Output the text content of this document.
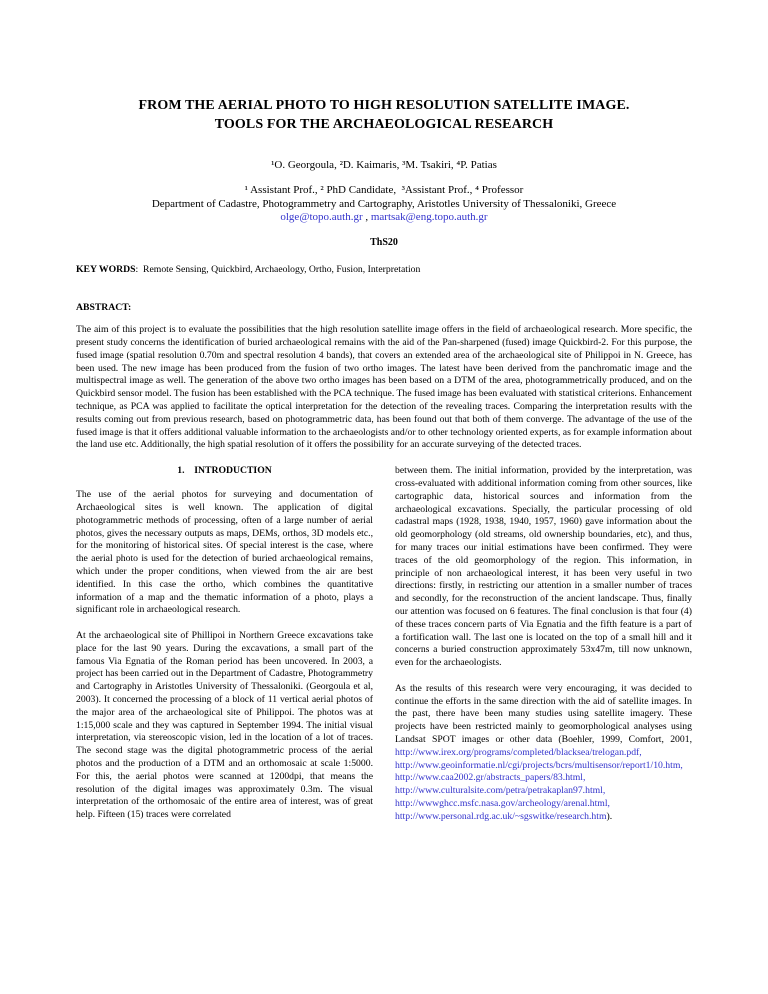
FROM THE AERIAL PHOTO TO HIGH RESOLUTION SATELLITE IMAGE.
TOOLS FOR THE ARCHAEOLOGICAL RESEARCH
¹O. Georgoula, ²D. Kaimaris, ³M. Tsakiri, ⁴P. Patias
¹ Assistant Prof., ² PhD Candidate,  ³Assistant Prof., ⁴ Professor
Department of Cadastre, Photogrammetry and Cartography, Aristotles University of Thessaloniki, Greece
olge@topo.auth.gr , martsak@eng.topo.auth.gr
ThS20
KEY WORDS:  Remote Sensing, Quickbird, Archaeology, Ortho, Fusion, Interpretation
ABSTRACT:

The aim of this project is to evaluate the possibilities that the high resolution satellite image offers in the field of archaeological research. More specific, the present study concerns the identification of buried archaeological remains with the aid of the Pan-sharpened (fused) image Quickbird-2. For this purpose, the fused image (spatial resolution 0.70m and spectral resolution 4 bands), that covers an extended area of the archaeological site of Philippoi in N. Greece, has been used. The new image has been produced from the fusion of two ortho images. The latest have been derived from the panchromatic image and the multispectral image as well. The generation of the above two ortho images has been based on a DTM of the area, photogrammetrically produced, and on the Quickbird sensor model. The fusion has been established with the PCA technique. The fused image has been evaluated with statistical criterions. Enhancement technique, as PCA was applied to facilitate the optical interpretation for the detection of the revealing traces. Comparing the interpretation results with the results coming out from previous research, based on photogrammetric data, has been found out that both of them converge. The advantage of the use of the fused image is that it offers additional valuable information to the archaeologists and/or to other technology oriented experts, as for example information about the land use etc. Additionally, the high spatial resolution of it offers the possibility for an accurate surveying of the detected traces.

1.    INTRODUCTION

The use of the aerial photos for surveying and documentation of Archaeological sites is well known. The application of digital photogrammetric methods of processing, often of a large number of aerial photos, gives the necessary outputs as maps, DEMs, orthos, 3D models etc., for the monitoring of historical sites. Of special interest is the case, where the aerial photo is used for the detection of buried archaeological remains, which under the proper conditions, when viewed from the air are best identified. In this case the ortho, which combines the quantitative information of a map and the thematic information of a photo, plays a significant role in archaeological research.

At the archaeological site of Phillipoi in Northern Greece excavations take place for the last 90 years. During the excavations, a small part of the famous Via Egnatia of the Roman period has been uncovered. In 2003, a project has been carried out in the Department of Cadastre, Photogrammetry and Cartography in Aristotles University of Thessaloniki. (Georgoula et al, 2003). It concerned the processing of a block of 11 vertical aerial photos of the major area of the archaeological site of Philippoi. The photos was at 1:15,000 scale and they was captured in September 1994. The initial visual interpretation, via stereoscopic vision, led in the location of a lot of traces. The second stage was the digital photogrammetric process of the aerial photos and the production of a DTM and an orthomosaic at scale 1:5000. For this, the aerial photos were scanned at 1200dpi, that means the resolution of the digital images was approximately 0.3m. The visual interpretation of the orthomosaic of the entire area of interest, was of great help. Fifteen (15) traces were correlated

between them. The initial information, provided by the interpretation, was cross-evaluated with additional information coming from other sources, like cartographic data, historical sources and information from the archaeological excavations. Specially, the particular processing of old cadastral maps (1928, 1938, 1940, 1957, 1960) gave information about the old geomorphology (old streams, old ownership boundaries, etc), and thus, for many traces our initial estimations have been confirmed. They were traces of the old geomorphology of the region. This information, in principle of non archaeological interest, it has been very useful in two directions: firstly, in restricting our attention in a smaller number of traces and secondly, for the reconstruction of the ancient landscape. Thus, finally our attention was focused on 6 features. The final conclusion is that four (4) of these traces concern parts of Via Egnatia and the fifth feature is a part of a fortification wall. The last one is located on the top of a small hill and it concerns a buried construction approximately 53x47m, till now unknown, even for the archaeologists.

As the results of this research were very encouraging, it was decided to continue the efforts in the same direction with the aid of satellite images. In the past, there have been many studies using satellite imagery. These projects have been restricted mainly to geomorphological analyses using Landsat SPOT images or other data (Boehler, 1999, Comfort, 2001, http://www.irex.org/programs/completed/blacksea/trelogan.pdf, http://www.geoinformatie.nl/cgi/projects/bcrs/multisensor/report1/10.htm, http://www.caa2002.gr/abstracts_papers/83.html, http://www.culturalsite.com/petra/petrakaplan97.html, http://wwwghcc.msfc.nasa.gov/archeology/arenal.html, http://www.personal.rdg.ac.uk/~sgswitke/research.htm).
